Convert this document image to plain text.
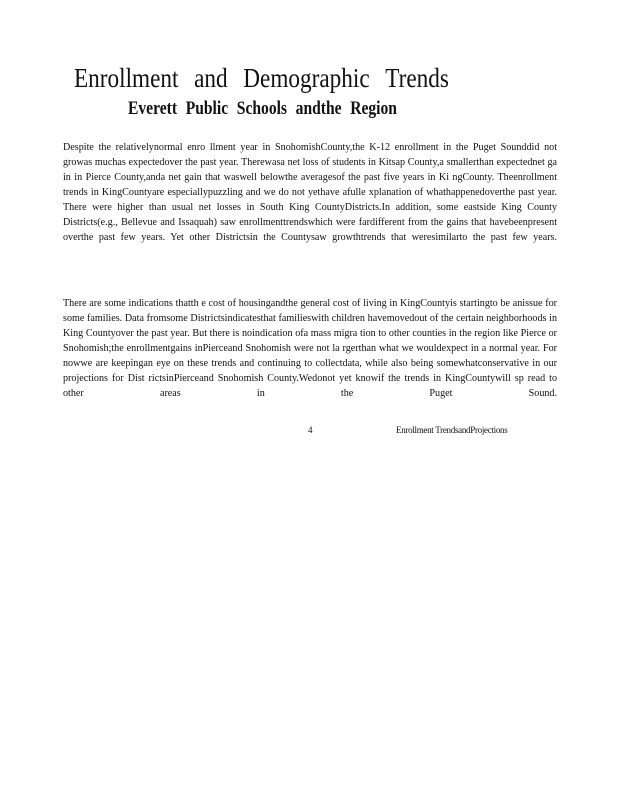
Enrollment and Demographic Trends
Everett Public Schools andthe Region

Despite the relativelynormal enro llment year in SnohomishCounty,the K-12 enrollment in the Puget Sounddid not growas muchas expectedover the past year. Therewasa net loss of students in Kitsap County,a smallerthan expectednet ga in in Pierce County,anda net gain that waswell belowthe averagesof the past five years in Ki ngCounty. Theenrollment trends in KingCountyare especiallypuzzling and we do not yethave afulle xplanation of whathappenedoverthe past year. There were higher than usual net losses in South King CountyDistricts.In addition, some eastside King County Districts(e.g., Bellevue and Issaquah) saw enrollmenttrendswhich were fardifferent from the gains that havebeenpresent overthe past few years. Yet other Districtsin the Countysaw growthtrends that weresimilarto the past few years.

There are some indications thatth e cost of housingandthe general cost of living in KingCountyis startingto be anissue for some families. Data fromsome Districtsindicatesthat familieswith children havemovedout of the certain neighborhoods in King Countyover the past year. But there is noindication ofa mass migra tion to other counties in the region like Pierce or Snohomish;the enrollmentgains inPierceand Snohomish were not la rgerthan what we wouldexpect in a normal year. For nowwe are keepingan eye on these trends and continuing to collectdata, while also being somewhatconservative in our projections for Dist rictsinPierceand Snohomish County.Wedonot yet knowif the trends in KingCountywill sp read to other areas in the Puget Sound.

4	Enrollment TrendsandProjections
